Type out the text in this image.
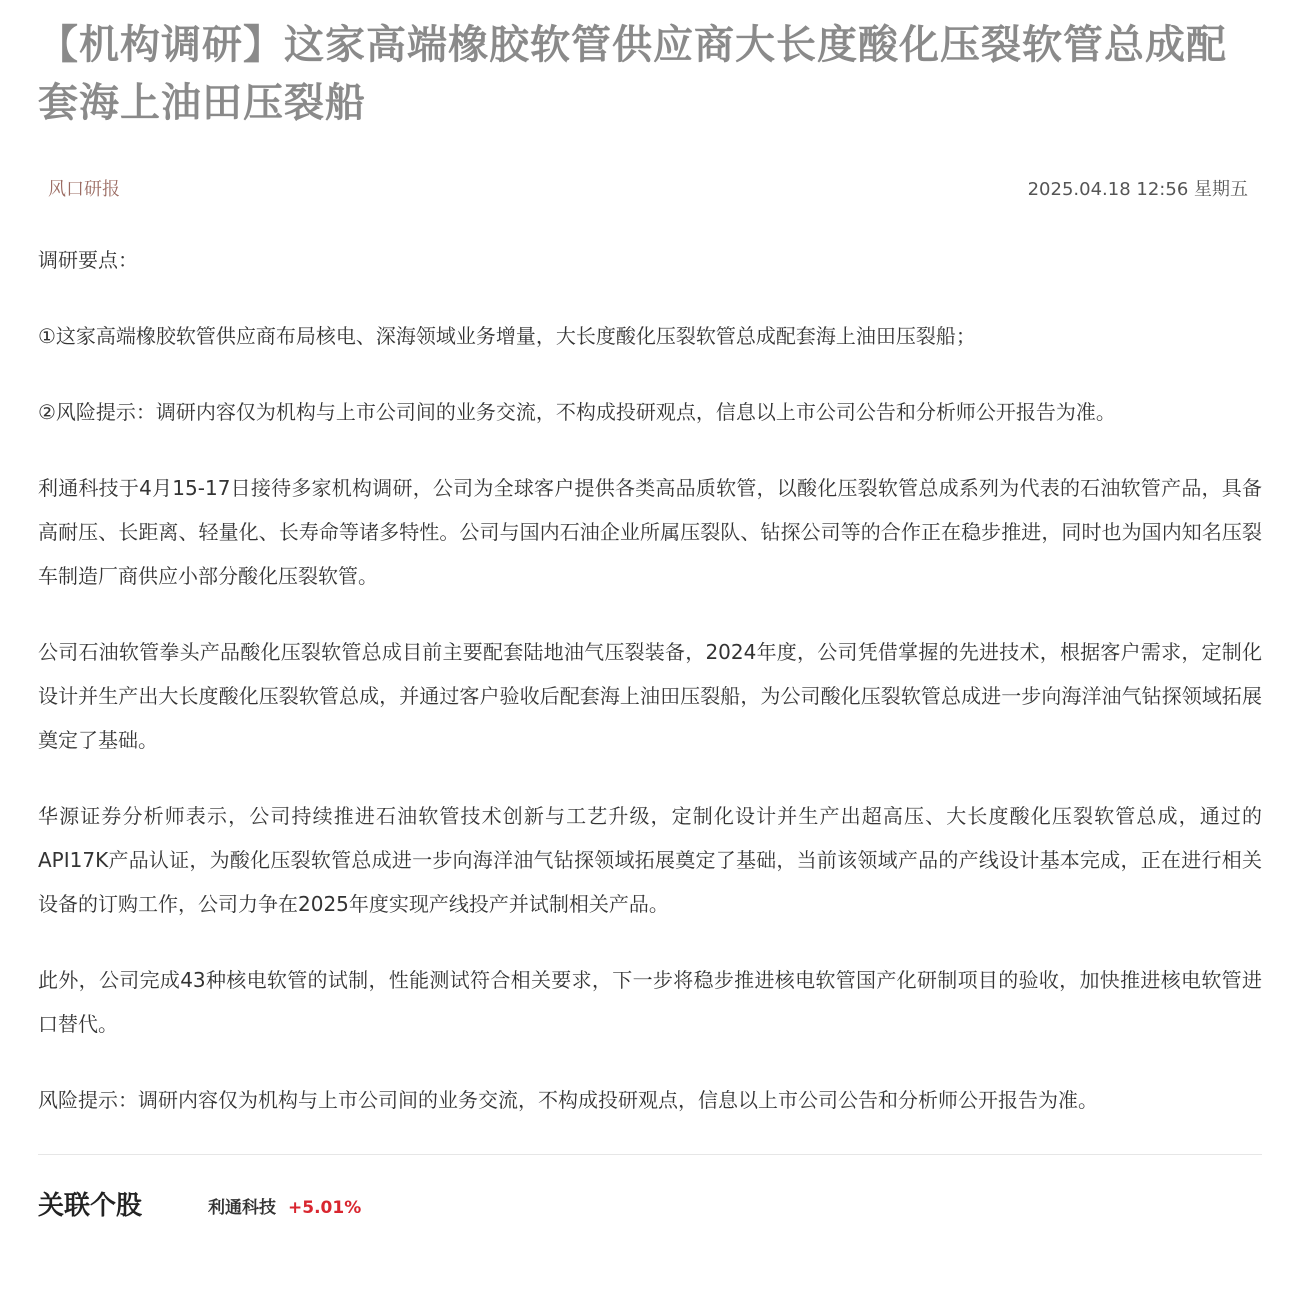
【机构调研】这家高端橡胶软管供应商大长度酸化压裂软管总成配套海上油田压裂船
风口研报	2025.04.18 12:56 星期五

调研要点：

①这家高端橡胶软管供应商布局核电、深海领域业务增量，大长度酸化压裂软管总成配套海上油田压裂船；

②风险提示：调研内容仅为机构与上市公司间的业务交流，不构成投研观点，信息以上市公司公告和分析师公开报告为准。

利通科技于4月15-17日接待多家机构调研，公司为全球客户提供各类高品质软管，以酸化压裂软管总成系列为代表的石油软管产品，具备高耐压、长距离、轻量化、长寿命等诸多特性。公司与国内石油企业所属压裂队、钻探公司等的合作正在稳步推进，同时也为国内知名压裂车制造厂商供应小部分酸化压裂软管。

公司石油软管拳头产品酸化压裂软管总成目前主要配套陆地油气压裂装备，2024年度，公司凭借掌握的先进技术，根据客户需求，定制化设计并生产出大长度酸化压裂软管总成，并通过客户验收后配套海上油田压裂船，为公司酸化压裂软管总成进一步向海洋油气钻探领域拓展奠定了基础。

华源证券分析师表示，公司持续推进石油软管技术创新与工艺升级，定制化设计并生产出超高压、大长度酸化压裂软管总成，通过的API17K产品认证，为酸化压裂软管总成进一步向海洋油气钻探领域拓展奠定了基础，当前该领域产品的产线设计基本完成，正在进行相关设备的订购工作，公司力争在2025年度实现产线投产并试制相关产品。

此外，公司完成43种核电软管的试制，性能测试符合相关要求，下一步将稳步推进核电软管国产化研制项目的验收，加快推进核电软管进口替代。

风险提示：调研内容仅为机构与上市公司间的业务交流，不构成投研观点，信息以上市公司公告和分析师公开报告为准。

关联个股	利通科技 +5.01%
